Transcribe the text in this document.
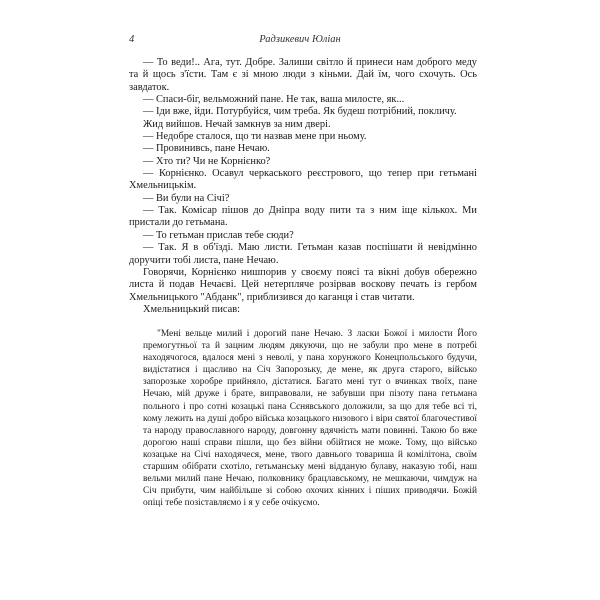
4	Радзикевич Юліан

— То веди!.. Ага, тут. Добре. Залиши світло й принеси нам доброго меду та й щось з'їсти. Там є зі мною люди з кіньми. Дай їм, чого схочуть. Ось завдаток.

— Спаси-біг, вельможний пане. Не так, ваша милосте, як...

— Іди вже, йди. Потурбуйся, чим треба. Як будеш потрібний, покличу.

Жид вийшов. Нечай замкнув за ним двері.

— Недобре сталося, що ти назвав мене при ньому.

— Провинивсь, пане Нечаю.

— Хто ти? Чи не Корнієнко?

— Корнієнко. Осавул черкаського реєстрового, що тепер при гетьмані Хмельницькім.

— Ви були на Січі?

— Так. Комісар пішов до Дніпра воду пити та з ним іще кількох. Ми пристали до гетьмана.

— То гетьман прислав тебе сюди?

— Так. Я в об'їзді. Маю листи. Гетьман казав поспішати й невідмінно доручити тобі листа, пане Нечаю.

Говорячи, Корнієнко нишпорив у своєму поясі та вікні добув обережно листа й подав Нечаєві. Цей нетерпляче розірвав воскову печать із гербом Хмельницького "Абданк", приблизився до каганця і став читати.

Хмельницький писав:

"Мені вельце милий і дорогий пане Нечаю. З ласки Божої і милости Його премогутньої та й зацним людям дякуючи, що не забули про мене в потребі находячогося, вдалося мені з неволі, у пана хорунжого Конецпольського будучи, видістатися і щасливо на Січ Запорозьку, де мене, як друга старого, військо запорозьке хоробре прийняло, дістатися. Багато мені тут о вчинках твоїх, пане Нечаю, мій друже і брате, виправовали, не забувши при пізоту пана гетьмана польного і про сотні козацькі пана Сєнявського доложили, за що для тебе всі ті, кому лежить на душі добро війська козацького низового і віри святої благочестивої та народу православного народу, довгонну вдячність мати повинні. Такою бо вже дорогою наші справи пішли, що без війни обійтися не може. Тому, що військо козацьке на Січі находячеся, мене, твого давнього товариша й комілітона, своїм старшим обібрати схотіло, гетьманську мені відданую булаву, наказую тобі, наш вельми милий пане Нечаю, полковнику брацлавському, не мешкаючи, чимдуж на Січ прибути, чим найбільше зі собою охочих кінних і пішиx приводячи. Божій опіці тебе позіставляємо і я у себе очікуємо.
